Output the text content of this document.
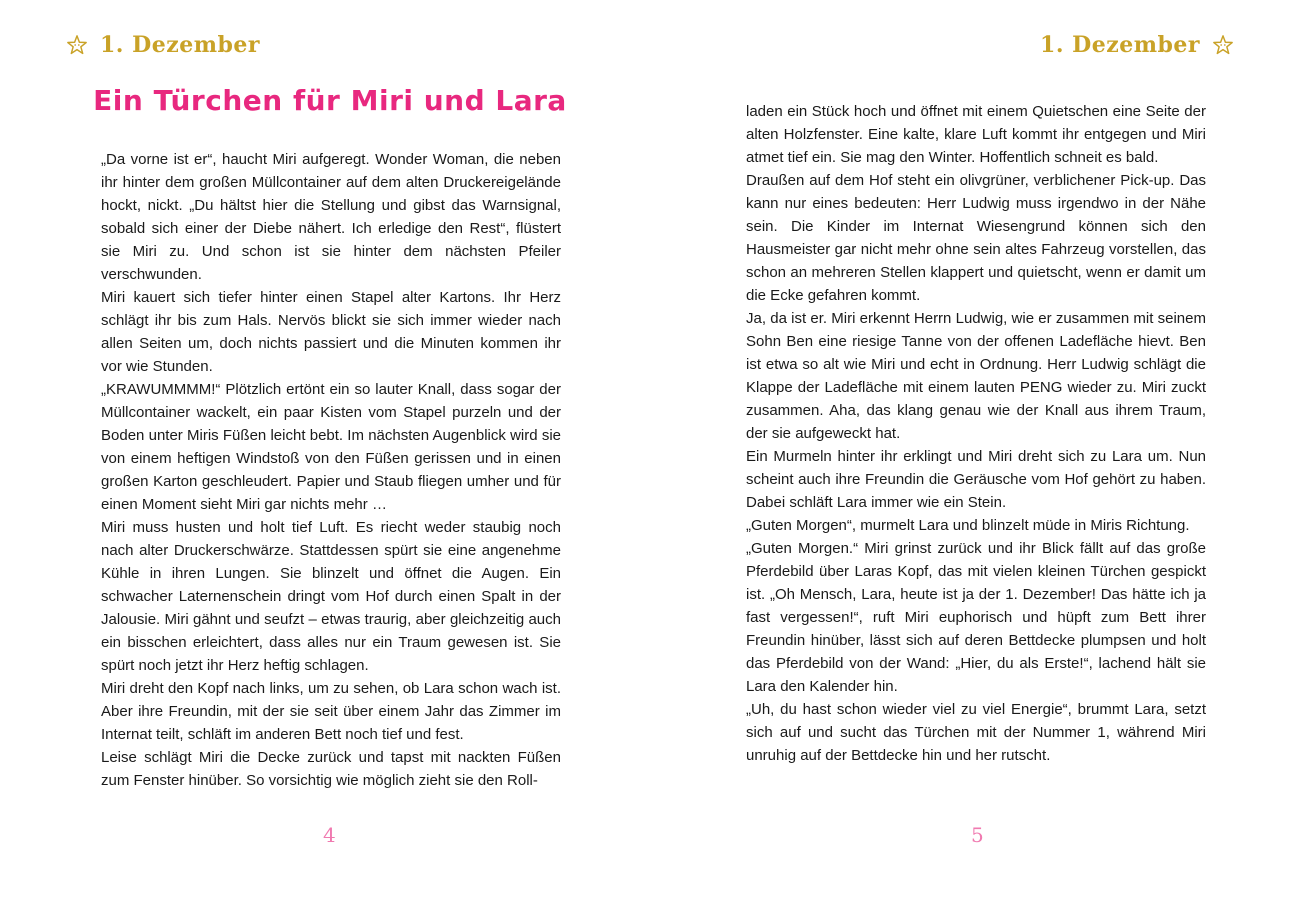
1. Dezember
Ein Türchen für Miri und Lara

„Da vorne ist er“, haucht Miri aufgeregt. Wonder Woman, die neben ihr hinter dem großen Müllcontainer auf dem alten Druckereigelände hockt, nickt. „Du hältst hier die Stellung und gibst das Warnsignal, sobald sich einer der Diebe nähert. Ich erledige den Rest“, flüstert sie Miri zu. Und schon ist sie hinter dem nächsten Pfeiler verschwunden.

Miri kauert sich tiefer hinter einen Stapel alter Kartons. Ihr Herz schlägt ihr bis zum Hals. Nervös blickt sie sich immer wieder nach allen Seiten um, doch nichts passiert und die Minuten kommen ihr vor wie Stunden.

„KRAWUMMMM!“ Plötzlich ertönt ein so lauter Knall, dass sogar der Müllcontainer wackelt, ein paar Kisten vom Stapel purzeln und der Boden unter Miris Füßen leicht bebt. Im nächsten Augenblick wird sie von einem heftigen Windstoß von den Füßen gerissen und in einen großen Karton geschleudert. Papier und Staub fliegen umher und für einen Moment sieht Miri gar nichts mehr …

Miri muss husten und holt tief Luft. Es riecht weder staubig noch nach alter Druckerschwärze. Stattdessen spürt sie eine angenehme Kühle in ihren Lungen. Sie blinzelt und öffnet die Augen. Ein schwacher Laternenschein dringt vom Hof durch einen Spalt in der Jalousie. Miri gähnt und seufzt – etwas traurig, aber gleichzeitig auch ein bisschen erleichtert, dass alles nur ein Traum gewesen ist. Sie spürt noch jetzt ihr Herz heftig schlagen.

Miri dreht den Kopf nach links, um zu sehen, ob Lara schon wach ist. Aber ihre Freundin, mit der sie seit über einem Jahr das Zimmer im Internat teilt, schläft im anderen Bett noch tief und fest.

Leise schlägt Miri die Decke zurück und tapst mit nackten Füßen zum Fenster hinüber. So vorsichtig wie möglich zieht sie den Roll-

4
1. Dezember

laden ein Stück hoch und öffnet mit einem Quietschen eine Seite der alten Holzfenster. Eine kalte, klare Luft kommt ihr entgegen und Miri atmet tief ein. Sie mag den Winter. Hoffentlich schneit es bald.

Draußen auf dem Hof steht ein olivgrüner, verblichener Pick-up. Das kann nur eines bedeuten: Herr Ludwig muss irgendwo in der Nähe sein. Die Kinder im Internat Wiesengrund können sich den Hausmeister gar nicht mehr ohne sein altes Fahrzeug vorstellen, das schon an mehreren Stellen klappert und quietscht, wenn er damit um die Ecke gefahren kommt.

Ja, da ist er. Miri erkennt Herrn Ludwig, wie er zusammen mit seinem Sohn Ben eine riesige Tanne von der offenen Ladefläche hievt. Ben ist etwa so alt wie Miri und echt in Ordnung. Herr Ludwig schlägt die Klappe der Ladefläche mit einem lauten PENG wieder zu. Miri zuckt zusammen. Aha, das klang genau wie der Knall aus ihrem Traum, der sie aufgeweckt hat.

Ein Murmeln hinter ihr erklingt und Miri dreht sich zu Lara um. Nun scheint auch ihre Freundin die Geräusche vom Hof gehört zu haben. Dabei schläft Lara immer wie ein Stein.

„Guten Morgen“, murmelt Lara und blinzelt müde in Miris Richtung.

„Guten Morgen.“ Miri grinst zurück und ihr Blick fällt auf das große Pferdebild über Laras Kopf, das mit vielen kleinen Türchen gespickt ist. „Oh Mensch, Lara, heute ist ja der 1. Dezember! Das hätte ich ja fast vergessen!“, ruft Miri euphorisch und hüpft zum Bett ihrer Freundin hinüber, lässt sich auf deren Bettdecke plumpsen und holt das Pferdebild von der Wand: „Hier, du als Erste!“, lachend hält sie Lara den Kalender hin.

„Uh, du hast schon wieder viel zu viel Energie“, brummt Lara, setzt sich auf und sucht das Türchen mit der Nummer 1, während Miri unruhig auf der Bettdecke hin und her rutscht.

5
